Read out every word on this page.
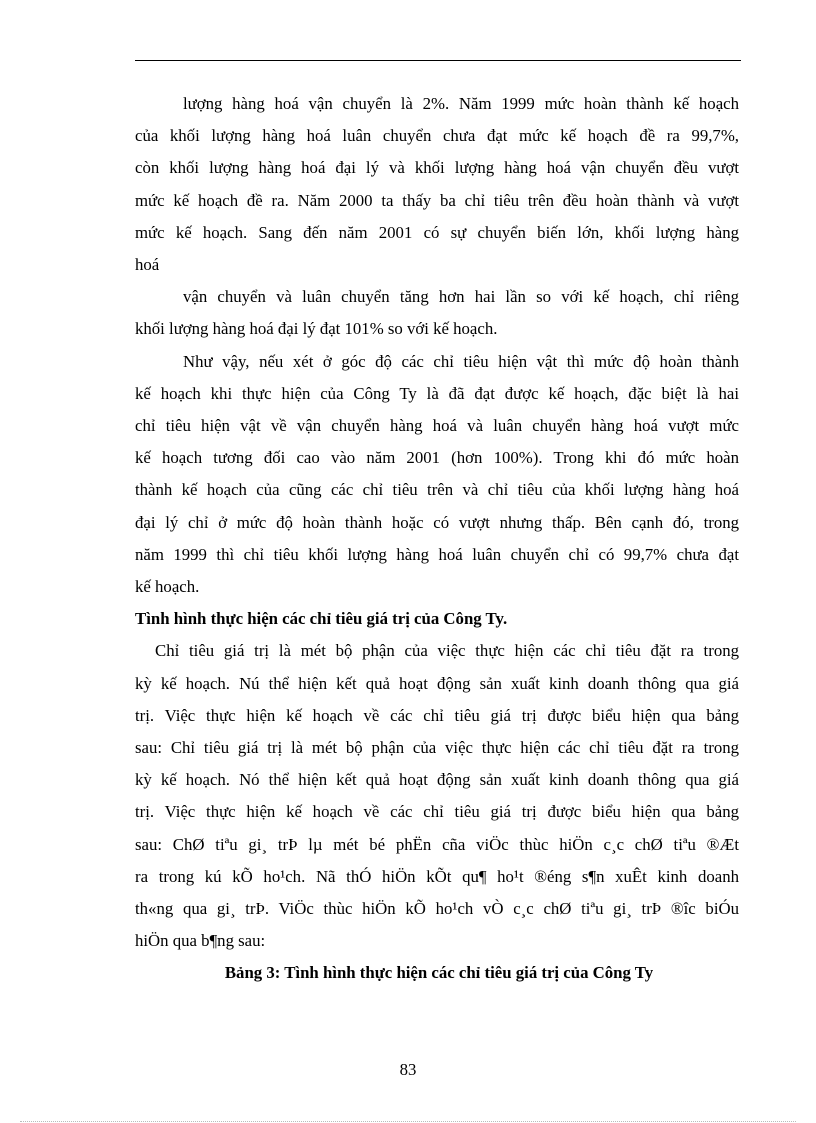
lượng hàng hoá vận chuyển là 2%. Năm 1999 mức hoàn thành kế hoạch
của khối lượng hàng hoá luân chuyển chưa đạt mức kế hoạch đề ra 99,7%,
còn khối lượng hàng hoá đại lý và khối lượng hàng hoá vận chuyển đều vượt
mức kế hoạch đề ra. Năm 2000 ta thấy ba chỉ tiêu trên đều hoàn thành và vượt
mức kế hoạch. Sang đến năm 2001 có sự chuyển biến lớn, khối lượng hàng
hoá
vận chuyển và luân chuyển tăng hơn hai lần so với kế hoạch, chỉ riêng
khối lượng hàng hoá đại lý đạt 101% so với kế hoạch.
Như vậy, nếu xét ở góc độ các chỉ tiêu hiện vật thì mức độ hoàn thành
kế hoạch khi thực hiện của Công Ty là đã đạt được kế hoạch, đặc biệt là hai
chỉ tiêu hiện vật về vận chuyển hàng hoá và luân chuyển hàng hoá vượt mức
kế hoạch tương đối cao vào năm 2001 (hơn 100%). Trong khi đó mức hoàn
thành kế hoạch của cũng các chỉ tiêu trên và chỉ tiêu của khối lượng hàng hoá
đại lý chỉ ở mức độ hoàn thành hoặc có vượt nhưng thấp. Bên cạnh đó, trong
năm 1999 thì chỉ tiêu khối lượng hàng hoá luân chuyển chỉ có 99,7% chưa đạt
kế hoạch.
Tình hình thực hiện các chỉ tiêu giá trị của Công Ty.
Chỉ tiêu giá trị là mét bộ phận của việc thực hiện các chỉ tiêu đặt ra trong
kỳ kế hoạch. Nú thể hiện kết quả hoạt động sản xuất kinh doanh thông qua giá
trị. Việc thực hiện kế hoạch về các chỉ tiêu giá trị được biểu hiện qua bảng
sau: Chỉ tiêu giá trị là mét bộ phận của việc thực hiện các chỉ tiêu đặt ra trong
kỳ kế hoạch. Nó thể hiện kết quả hoạt động sản xuất kinh doanh thông qua giá
trị. Việc thực hiện kế hoạch về các chỉ tiêu giá trị được biểu hiện qua bảng
sau: ChØ tiªu gi¸ trÞ lµ mét bé phËn cña viÖc thùc hiÖn c¸c chØ tiªu ®Æt
ra trong kú kÕ ho¹ch. Nã thÓ hiÖn kÕt qu¶ ho¹t ®éng s¶n xuÊt kinh doanh
th«ng qua gi¸ trÞ. ViÖc thùc hiÖn kÕ ho¹ch vÒ c¸c chØ tiªu gi¸ trÞ ®îc biÓu
hiÖn qua b¶ng sau:
Bảng 3: Tình hình thực hiện các chỉ tiêu giá trị của Công Ty
83
